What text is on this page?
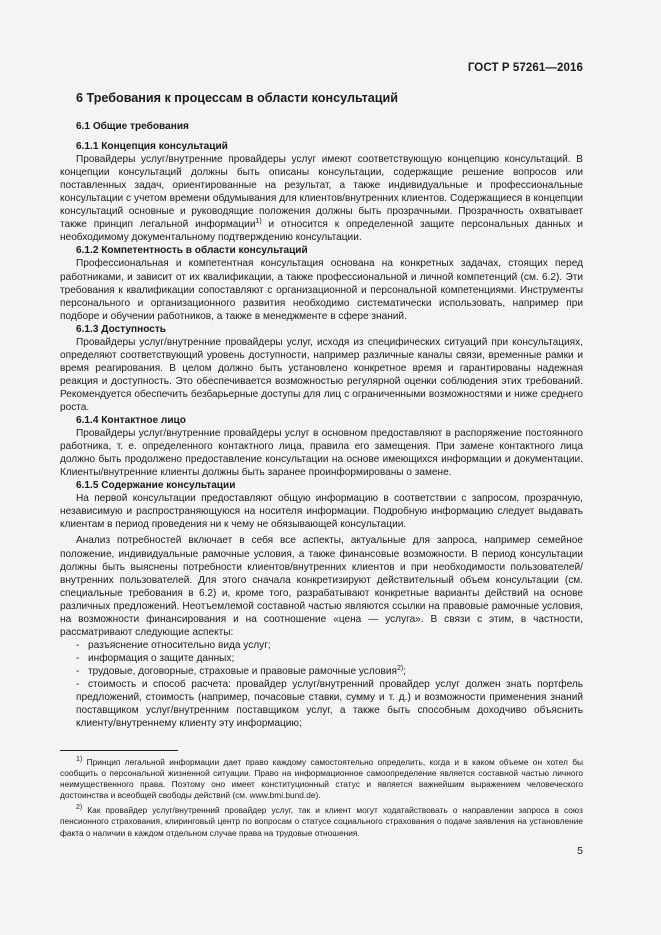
ГОСТ Р 57261—2016
6 Требования к процессам в области консультаций
6.1 Общие требования
6.1.1 Концепция консультаций

Провайдеры услуг/внутренние провайдеры услуг имеют соответствующую концепцию консультаций. В концепции консультаций должны быть описаны консультации, содержащие решение вопросов или поставленных задач, ориентированные на результат, а также индивидуальные и профессиональные консультации с учетом времени обдумывания для клиентов/внутренних клиентов. Содержащиеся в концепции консультаций основные и руководящие положения должны быть прозрачными. Прозрачность охватывает также принцип легальной информации$^{1)}$ и относится к определенной защите персональных данных и необходимому документальному подтверждению консультации.

6.1.2 Компетентность в области консультаций

Профессиональная и компетентная консультация основана на конкретных задачах, стоящих перед работниками, и зависит от их квалификации, а также профессиональной и личной компетенций (см. 6.2). Эти требования к квалификации сопоставляют с организационной и персональной компетенциями. Инструменты персонального и организационного развития необходимо систематически использовать, например при подборе и обучении работников, а также в менеджменте в сфере знаний.

6.1.3 Доступность

Провайдеры услуг/внутренние провайдеры услуг, исходя из специфических ситуаций при консультациях, определяют соответствующий уровень доступности, например различные каналы связи, временные рамки и время реагирования. В целом должно быть установлено конкретное время и гарантированы надежная реакция и доступность. Это обеспечивается возможностью регулярной оценки соблюдения этих требований. Рекомендуется обеспечить безбарьерные доступы для лиц с ограниченными возможностями и ниже среднего роста.

6.1.4 Контактное лицо

Провайдеры услуг/внутренние провайдеры услуг в основном предоставляют в распоряжение постоянного работника, т. е. определенного контактного лица, правила его замещения. При замене контактного лица должно быть продолжено предоставление консультации на основе имеющихся информации и документации. Клиенты/внутренние клиенты должны быть заранее проинформированы о замене.

6.1.5 Содержание консультации

На первой консультации предоставляют общую информацию в соответствии с запросом, прозрачную, независимую и распространяющуюся на носителя информации. Подробную информацию следует выдавать клиентам в период проведения ни к чему не обязывающей консультации.

Анализ потребностей включает в себя все аспекты, актуальные для запроса, например семейное положение, индивидуальные рамочные условия, а также финансовые возможности. В период консультации должны быть выяснены потребности клиентов/внутренних клиентов и при необходимости пользователей/внутренних пользователей. Для этого сначала конкретизируют действительный объем консультации (см. специальные требования в 6.2) и, кроме того, разрабатывают конкретные варианты действий на основе различных предложений. Неотъемлемой составной частью являются ссылки на правовые рамочные условия, на возможности финансирования и на соотношение «цена — услуга». В связи с этим, в частности, рассматривают следующие аспекты:

- разъяснение относительно вида услуг;
- информация о защите данных;
- трудовые, договорные, страховые и правовые рамочные условия$^{2)}$;
- стоимость и способ расчета: провайдер услуг/внутренний провайдер услуг должен знать портфель предложений, стоимость (например, почасовые ставки, сумму и т. д.) и возможности применения знаний поставщиком услуг/внутренним поставщиком услуг, а также быть способным доходчиво объяснить клиенту/внутреннему клиенту эту информацию;

$^{1)}$ Принцип легальной информации дает право каждому самостоятельно определить, когда и в каком объеме он хотел бы сообщить о персональной жизненной ситуации. Право на информационное самоопределение является составной частью личного неимущественного права. Поэтому оно имеет конституционный статус и является важнейшим выражением человеческого достоинства и всеобщей свободы действий (см. www.bmi.bund.de).

$^{2)}$ Как провайдер услуг/внутренний провайдер услуг, так и клиент могут ходатайствовать о направлении запроса в союз пенсионного страхования, клиринговый центр по вопросам о статусе социального страхования о подаче заявления на установление факта о наличии в каждом отдельном случае права на трудовые отношения.

5
